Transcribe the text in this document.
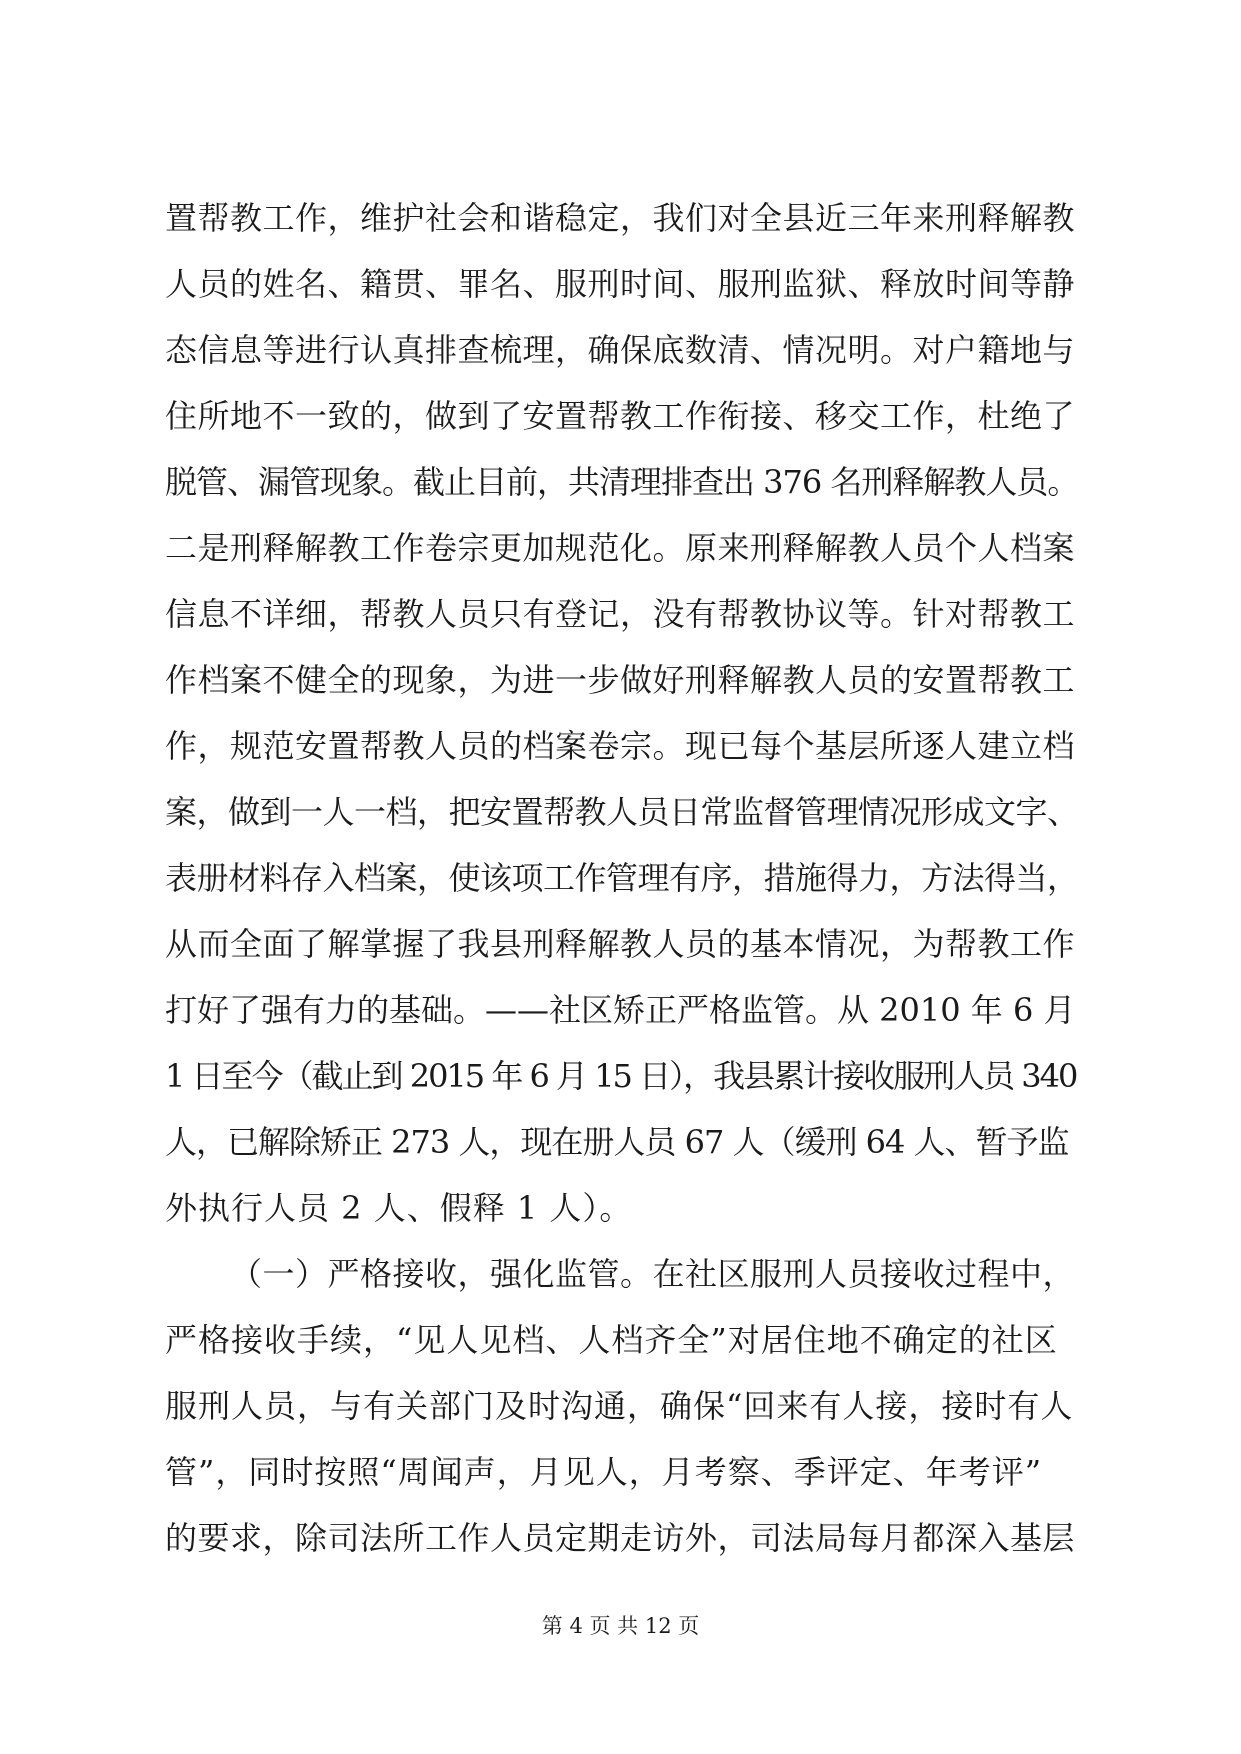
置帮教工作，维护社会和谐稳定，我们对全县近三年来刑释解教
人员的姓名、籍贯、罪名、服刑时间、服刑监狱、释放时间等静
态信息等进行认真排查梳理，确保底数清、情况明。对户籍地与
住所地不一致的，做到了安置帮教工作衔接、移交工作，杜绝了
脱管、漏管现象。截止目前，共清理排查出 376 名刑释解教人员。
二是刑释解教工作卷宗更加规范化。原来刑释解教人员个人档案
信息不详细，帮教人员只有登记，没有帮教协议等。针对帮教工
作档案不健全的现象，为进一步做好刑释解教人员的安置帮教工
作，规范安置帮教人员的档案卷宗。现已每个基层所逐人建立档
案，做到一人一档，把安置帮教人员日常监督管理情况形成文字、
表册材料存入档案，使该项工作管理有序，措施得力，方法得当，
从而全面了解掌握了我县刑释解教人员的基本情况，为帮教工作
打好了强有力的基础。——社区矫正严格监管。从 2010 年 6 月
1 日至今（截止到 2015 年 6 月 15 日），我县累计接收服刑人员 340
人，已解除矫正 273 人，现在册人员 67 人（缓刑 64 人、暂予监
外执行人员 2 人、假释 1 人）。
（一）严格接收，强化监管。在社区服刑人员接收过程中，
严格接收手续，“见人见档、人档齐全”对居住地不确定的社区
服刑人员，与有关部门及时沟通，确保“回来有人接，接时有人
管”，同时按照“周闻声，月见人，月考察、季评定、年考评”
的要求，除司法所工作人员定期走访外，司法局每月都深入基层
第 4 页 共 12 页
